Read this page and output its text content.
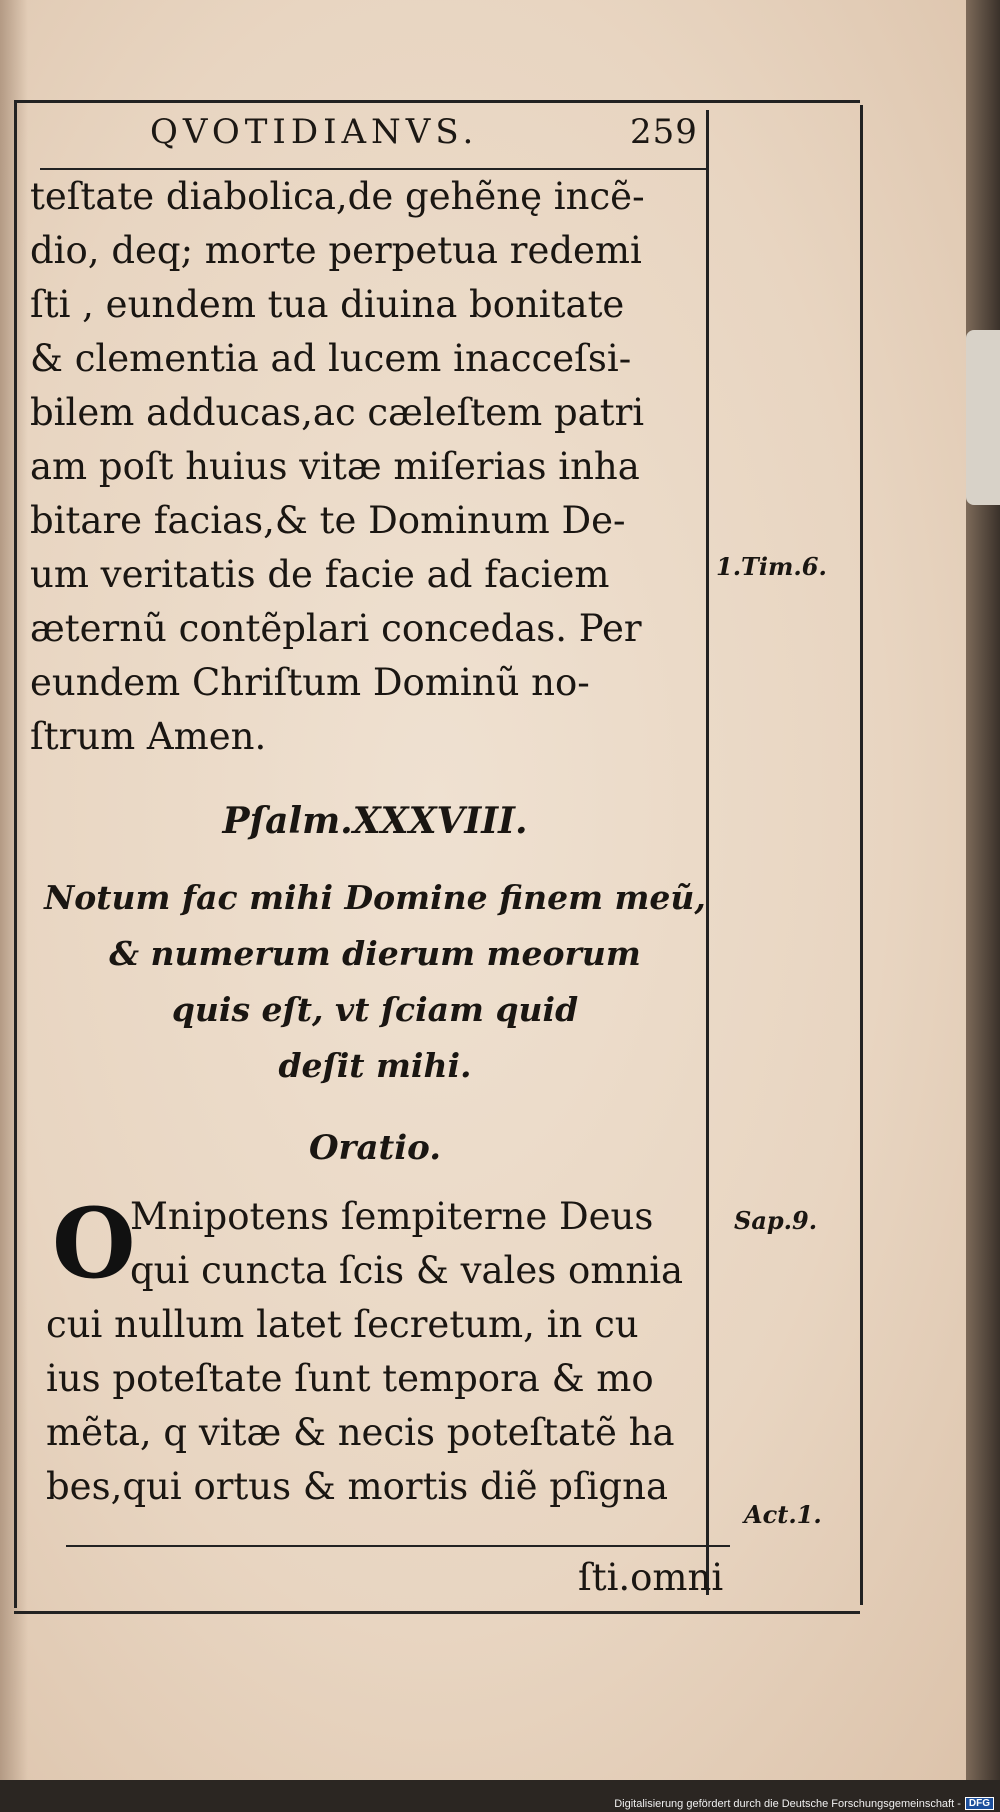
QVOTIDIANVS.	259
teſtate diabolica,de gehẽnę incẽ-
dio, deq; morte perpetua redemi
ſti , eundem tua diuina bonitate
& clementia ad lucem inacceſsi-
bilem adducas,ac cæleſtem patri
am poſt huius vitæ miſerias inha
bitare facias,& te Dominum De-
um veritatis de facie ad faciem
æternũ contẽplari concedas. Per
eundem Chriſtum Dominũ no-
ſtrum Amen.
Pſalm.XXXVIII.
Notum fac mihi Domine finem meũ,
& numerum dierum meorum
quis eſt, vt ſciam quid
deſit mihi.
Oratio.
O
Mnipotens ſempiterne Deus
qui cuncta ſcis & vales omnia
cui nullum latet ſecretum, in cu
ius poteſtate ſunt tempora & mo
mẽta, q vitæ & necis poteſtatẽ ha
bes,qui ortus & mortis diẽ pſigna
ſti.omni
1.Tim.6.
Sap.9.
Act.1.
Digitalisierung gefördert durch die Deutsche Forschungsgemeinschaft - DFG
